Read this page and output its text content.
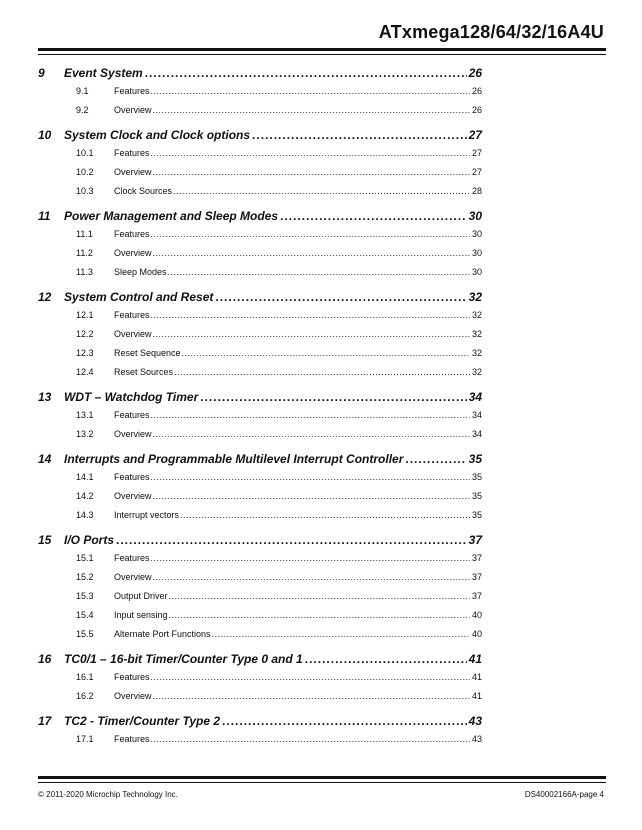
ATxmega128/64/32/16A4U
9	Event System .....	26
9.1	Features .....	26
9.2	Overview .....	26
10	System Clock and Clock options .....	27
10.1	Features .....	27
10.2	Overview .....	27
10.3	Clock Sources .....	28
11	Power Management and Sleep Modes .....	30
11.1	Features .....	30
11.2	Overview .....	30
11.3	Sleep Modes .....	30
12	System Control and Reset .....	32
12.1	Features .....	32
12.2	Overview .....	32
12.3	Reset Sequence .....	32
12.4	Reset Sources .....	32
13	WDT – Watchdog Timer .....	34
13.1	Features .....	34
13.2	Overview .....	34
14	Interrupts and Programmable Multilevel Interrupt Controller .....	35
14.1	Features .....	35
14.2	Overview .....	35
14.3	Interrupt vectors .....	35
15	I/O Ports .....	37
15.1	Features .....	37
15.2	Overview .....	37
15.3	Output Driver .....	37
15.4	Input sensing .....	40
15.5	Alternate Port Functions .....	40
16	TC0/1 – 16-bit Timer/Counter Type 0 and 1 .....	41
16.1	Features .....	41
16.2	Overview .....	41
17	TC2 - Timer/Counter Type 2 .....	43
17.1	Features .....	43
© 2011-2020 Microchip Technology Inc.	DS40002166A-page 4
